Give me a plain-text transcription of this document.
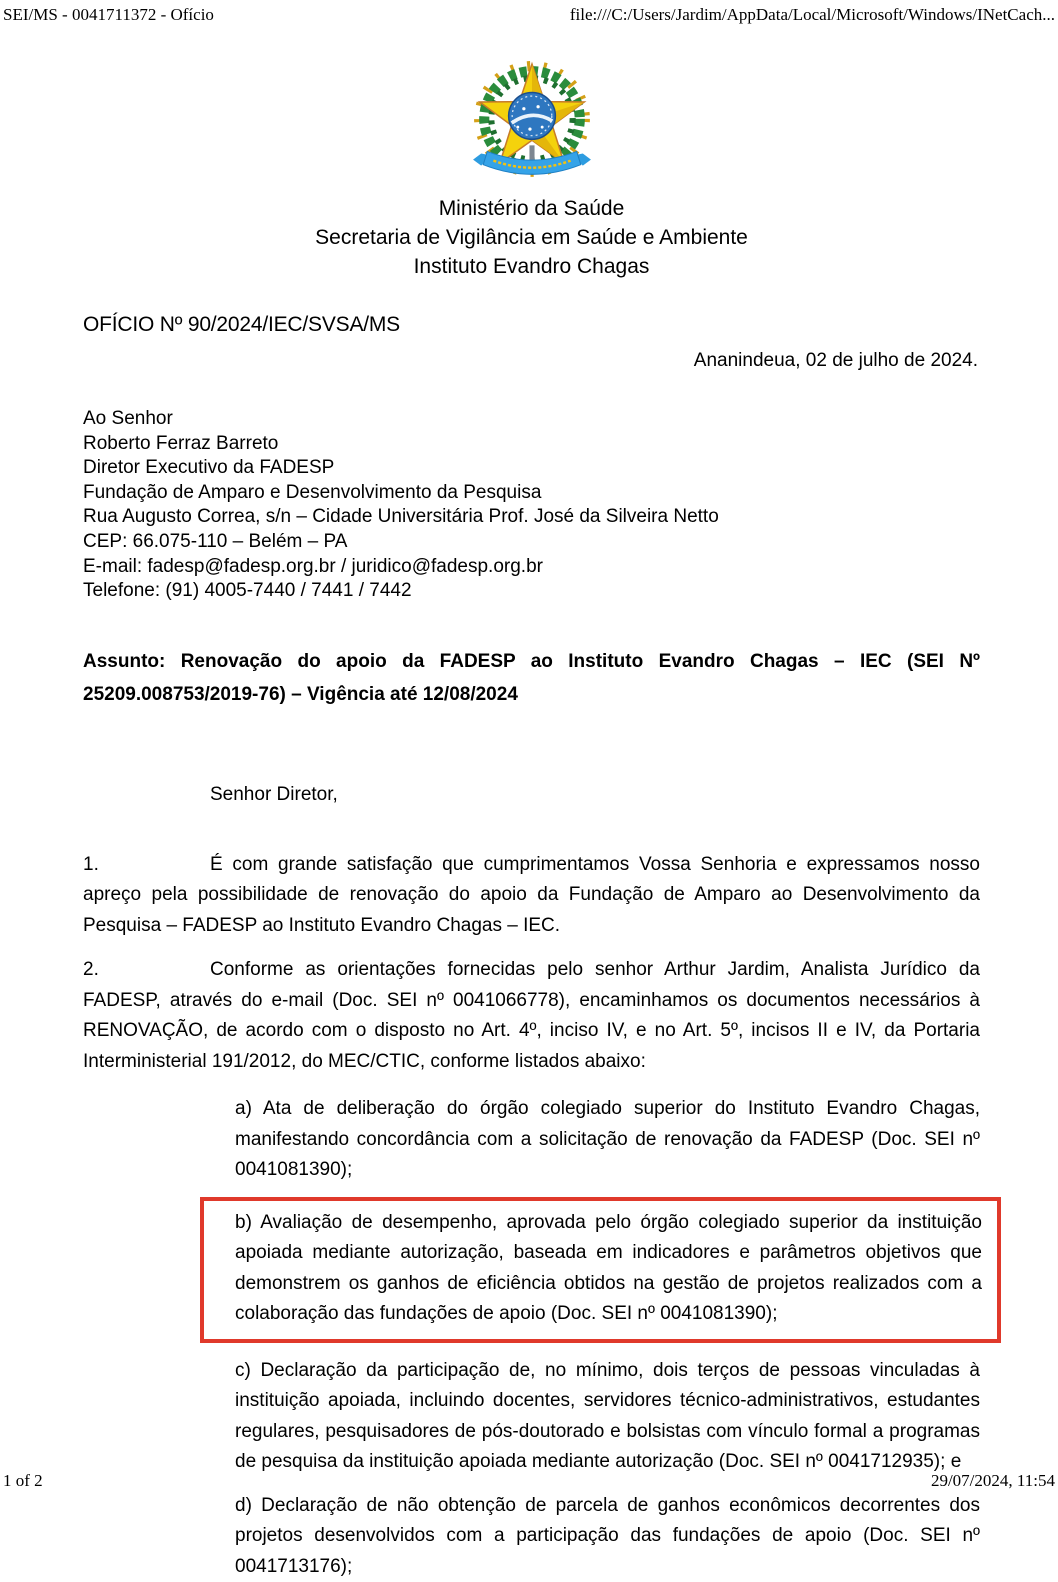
SEI/MS - 0041711372 - Ofício	file:///C:/Users/Jardim/AppData/Local/Microsoft/Windows/INetCach...
Ministério da Saúde
Secretaria de Vigilância em Saúde e Ambiente
Instituto Evandro Chagas
OFÍCIO Nº 90/2024/IEC/SVSA/MS
Ananindeua, 02 de julho de 2024.
Ao Senhor
Roberto Ferraz Barreto
Diretor Executivo da FADESP
Fundação de Amparo e Desenvolvimento da Pesquisa
Rua Augusto Correa, s/n – Cidade Universitária Prof. José da Silveira Netto
CEP: 66.075-110 – Belém – PA
E-mail: fadesp@fadesp.org.br / juridico@fadesp.org.br
Telefone: (91) 4005-7440 / 7441 / 7442
Assunto: Renovação do apoio da FADESP ao Instituto Evandro Chagas – IEC (SEI Nº 25209.008753/2019-76) – Vigência até 12/08/2024
Senhor Diretor,

1.	É com grande satisfação que cumprimentamos Vossa Senhoria e expressamos nosso apreço pela possibilidade de renovação do apoio da Fundação de Amparo ao Desenvolvimento da Pesquisa – FADESP ao Instituto Evandro Chagas – IEC.

2.	Conforme as orientações fornecidas pelo senhor Arthur Jardim, Analista Jurídico da FADESP, através do e-mail (Doc. SEI nº 0041066778), encaminhamos os documentos necessários à RENOVAÇÃO, de acordo com o disposto no Art. 4º, inciso IV, e no Art. 5º, incisos II e IV, da Portaria Interministerial 191/2012, do MEC/CTIC, conforme listados abaixo:

a) Ata de deliberação do órgão colegiado superior do Instituto Evandro Chagas, manifestando concordância com a solicitação de renovação da FADESP (Doc. SEI nº 0041081390);

b) Avaliação de desempenho, aprovada pelo órgão colegiado superior da instituição apoiada mediante autorização, baseada em indicadores e parâmetros objetivos que demonstrem os ganhos de eficiência obtidos na gestão de projetos realizados com a colaboração das fundações de apoio (Doc. SEI nº 0041081390);

c) Declaração da participação de, no mínimo, dois terços de pessoas vinculadas à instituição apoiada, incluindo docentes, servidores técnico-administrativos, estudantes regulares, pesquisadores de pós-doutorado e bolsistas com vínculo formal a programas de pesquisa da instituição apoiada mediante autorização (Doc. SEI nº 0041712935); e

d) Declaração de não obtenção de parcela de ganhos econômicos decorrentes dos projetos desenvolvidos com a participação das fundações de apoio (Doc. SEI nº 0041713176);

1 of 2	29/07/2024, 11:54
